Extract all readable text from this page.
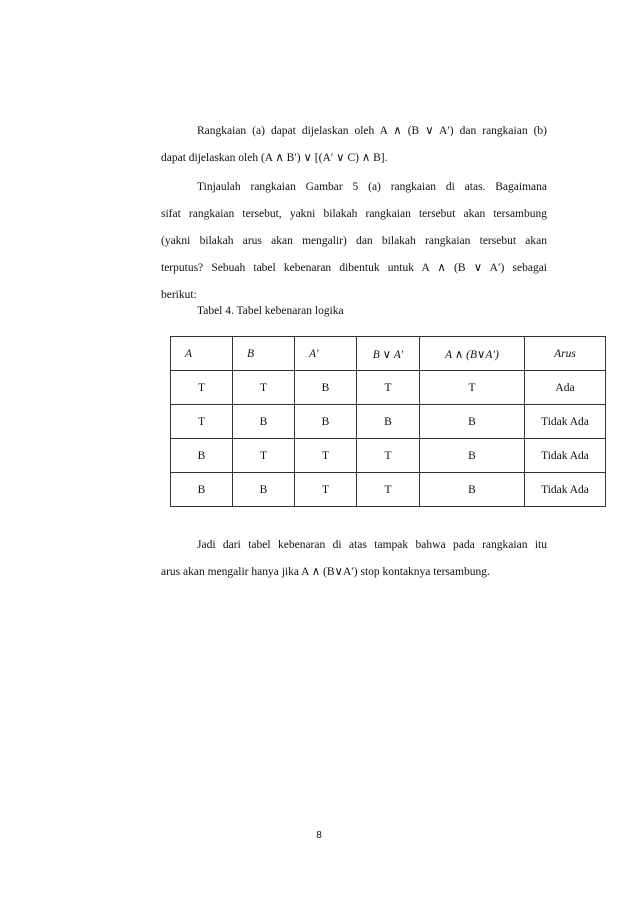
Rangkaian (a) dapat dijelaskan oleh A ∧ (B ∨ A′) dan rangkaian (b)
dapat dijelaskan oleh (A ∧ B′) ∨ [(A′ ∨ C) ∧ B].
Tinjaulah rangkaian Gambar 5 (a) rangkaian di atas. Bagaimana
sifat rangkaian tersebut, yakni bilakah rangkaian tersebut akan tersambung
(yakni bilakah arus akan mengalir) dan bilakah rangkaian tersebut akan
terputus? Sebuah tabel kebenaran dibentuk untuk A ∧ (B ∨ A′) sebagai
berikut:
Tabel 4. Tabel kebenaran logika
A	B	A′	B ∨ A′	A ∧ (B∨A′)	Arus
T	T	B	T	T	Ada
T	B	B	B	B	Tidak Ada
B	T	T	T	B	Tidak Ada
B	B	T	T	B	Tidak Ada
Jadi dari tabel kebenaran di atas tampak bahwa pada rangkaian itu
arus akan mengalir hanya jika A ∧ (B∨A′) stop kontaknya tersambung.
8
